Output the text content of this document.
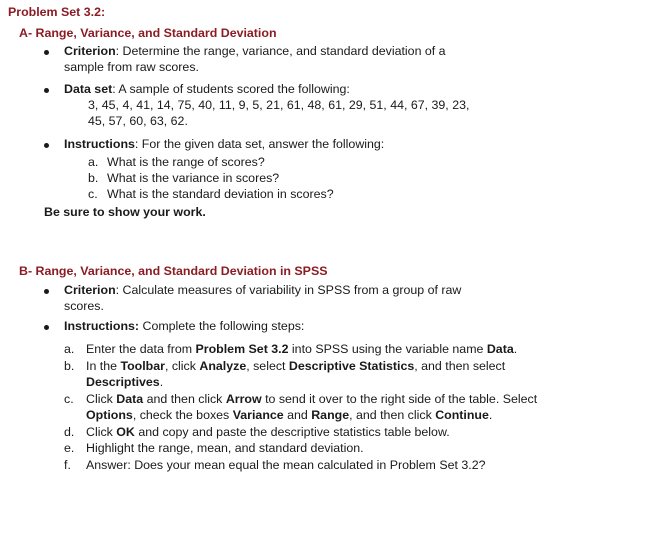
Problem Set 3.2:
A- Range, Variance, and Standard Deviation
Criterion: Determine the range, variance, and standard deviation of a
sample from raw scores.
Data set: A sample of students scored the following:
3, 45, 4, 41, 14, 75, 40, 11, 9, 5, 21, 61, 48, 61, 29, 51, 44, 67, 39, 23,
45, 57, 60, 63, 62.
Instructions: For the given data set, answer the following:
a. What is the range of scores?
b. What is the variance in scores?
c. What is the standard deviation in scores?
Be sure to show your work.
B- Range, Variance, and Standard Deviation in SPSS
Criterion: Calculate measures of variability in SPSS from a group of raw
scores.
Instructions: Complete the following steps:
a. Enter the data from Problem Set 3.2 into SPSS using the variable name Data.
b. In the Toolbar, click Analyze, select Descriptive Statistics, and then select
Descriptives.
c. Click Data and then click Arrow to send it over to the right side of the table. Select
Options, check the boxes Variance and Range, and then click Continue.
d. Click OK and copy and paste the descriptive statistics table below.
e. Highlight the range, mean, and standard deviation.
f. Answer: Does your mean equal the mean calculated in Problem Set 3.2?
